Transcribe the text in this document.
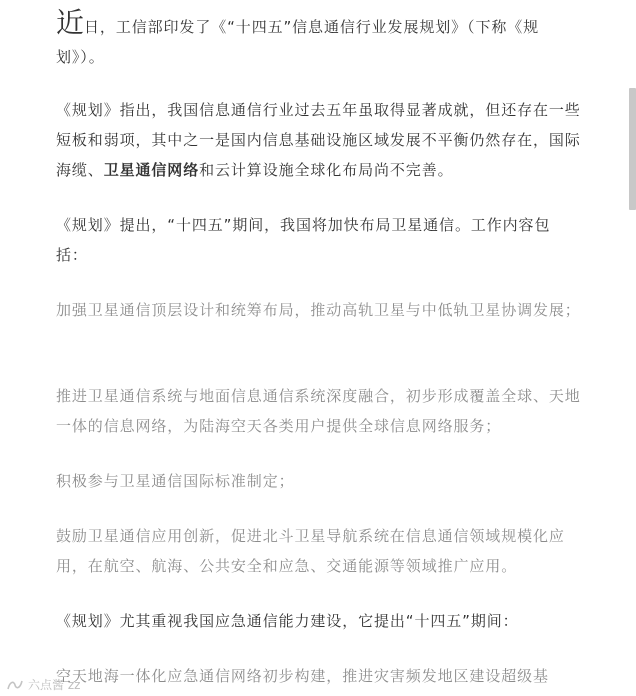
近日，工信部印发了《“十四五”信息通信行业发展规划》（下称《规划》）。

《规划》指出，我国信息通信行业过去五年虽取得显著成就，但还存在一些短板和弱项，其中之一是国内信息基础设施区域发展不平衡仍然存在，国际海缆、卫星通信网络和云计算设施全球化布局尚不完善。

《规划》提出，“十四五”期间，我国将加快布局卫星通信。工作内容包括：

加强卫星通信顶层设计和统筹布局，推动高轨卫星与中低轨卫星协调发展；

推进卫星通信系统与地面信息通信系统深度融合，初步形成覆盖全球、天地一体的信息网络，为陆海空天各类用户提供全球信息网络服务；

积极参与卫星通信国际标准制定；

鼓励卫星通信应用创新，促进北斗卫星导航系统在信息通信领域规模化应用，在航空、航海、公共安全和应急、交通能源等领域推广应用。

《规划》尤其重视我国应急通信能力建设，它提出“十四五”期间：

空天地海一体化应急通信网络初步构建，推进灾害频发地区建设超级基

六点酱 zz
